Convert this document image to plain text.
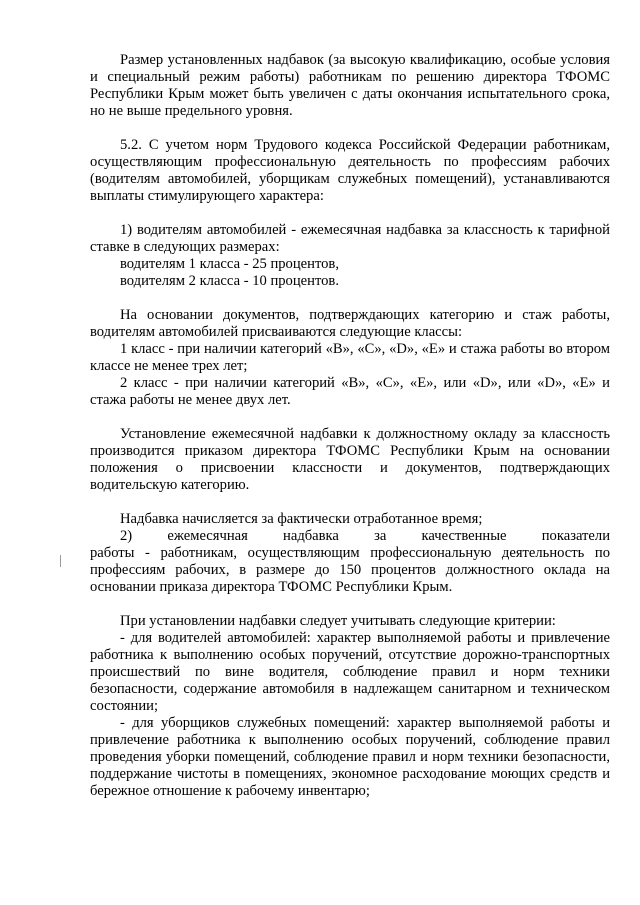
Размер установленных надбавок (за высокую квалификацию, особые условия и специальный режим работы) работникам по решению директора ТФОМС Республики Крым может быть увеличен с даты окончания испытательного срока, но не выше предельного уровня.

5.2. С учетом норм Трудового кодекса Российской Федерации работникам, осуществляющим профессиональную деятельность по профессиям рабочих (водителям автомобилей, уборщикам служебных помещений), устанавливаются выплаты стимулирующего характера:

1) водителям автомобилей - ежемесячная надбавка за классность к тарифной ставке в следующих размерах:

водителям 1 класса - 25 процентов,

водителям 2 класса - 10 процентов.

На основании документов, подтверждающих категорию и стаж работы, водителям автомобилей присваиваются следующие классы:

1 класс - при наличии категорий «В», «С», «D», «Е» и стажа работы во втором классе не менее трех лет;

2 класс - при наличии категорий «В», «С», «Е», или «D», или «D», «Е» и стажа работы не менее двух лет.

Установление ежемесячной надбавки к должностному окладу за классность производится приказом директора ТФОМС Республики Крым на основании положения о присвоении классности и документов, подтверждающих водительскую категорию.

Надбавка начисляется за фактически отработанное время;

2) ежемесячная надбавка за качественные показатели

работы - работникам, осуществляющим профессиональную деятельность по профессиям рабочих, в размере до 150 процентов должностного оклада на основании приказа директора ТФОМС Республики Крым.

При установлении надбавки следует учитывать следующие критерии:

- для водителей автомобилей: характер выполняемой работы и привлечение работника к выполнению особых поручений, отсутствие дорожно-транспортных происшествий по вине водителя, соблюдение правил и норм техники безопасности, содержание автомобиля в надлежащем санитарном и техническом состоянии;

- для уборщиков служебных помещений: характер выполняемой работы и привлечение работника к выполнению особых поручений, соблюдение правил проведения уборки помещений, соблюдение правил и норм техники безопасности, поддержание чистоты в помещениях, экономное расходование моющих средств и бережное отношение к рабочему инвентарю;
